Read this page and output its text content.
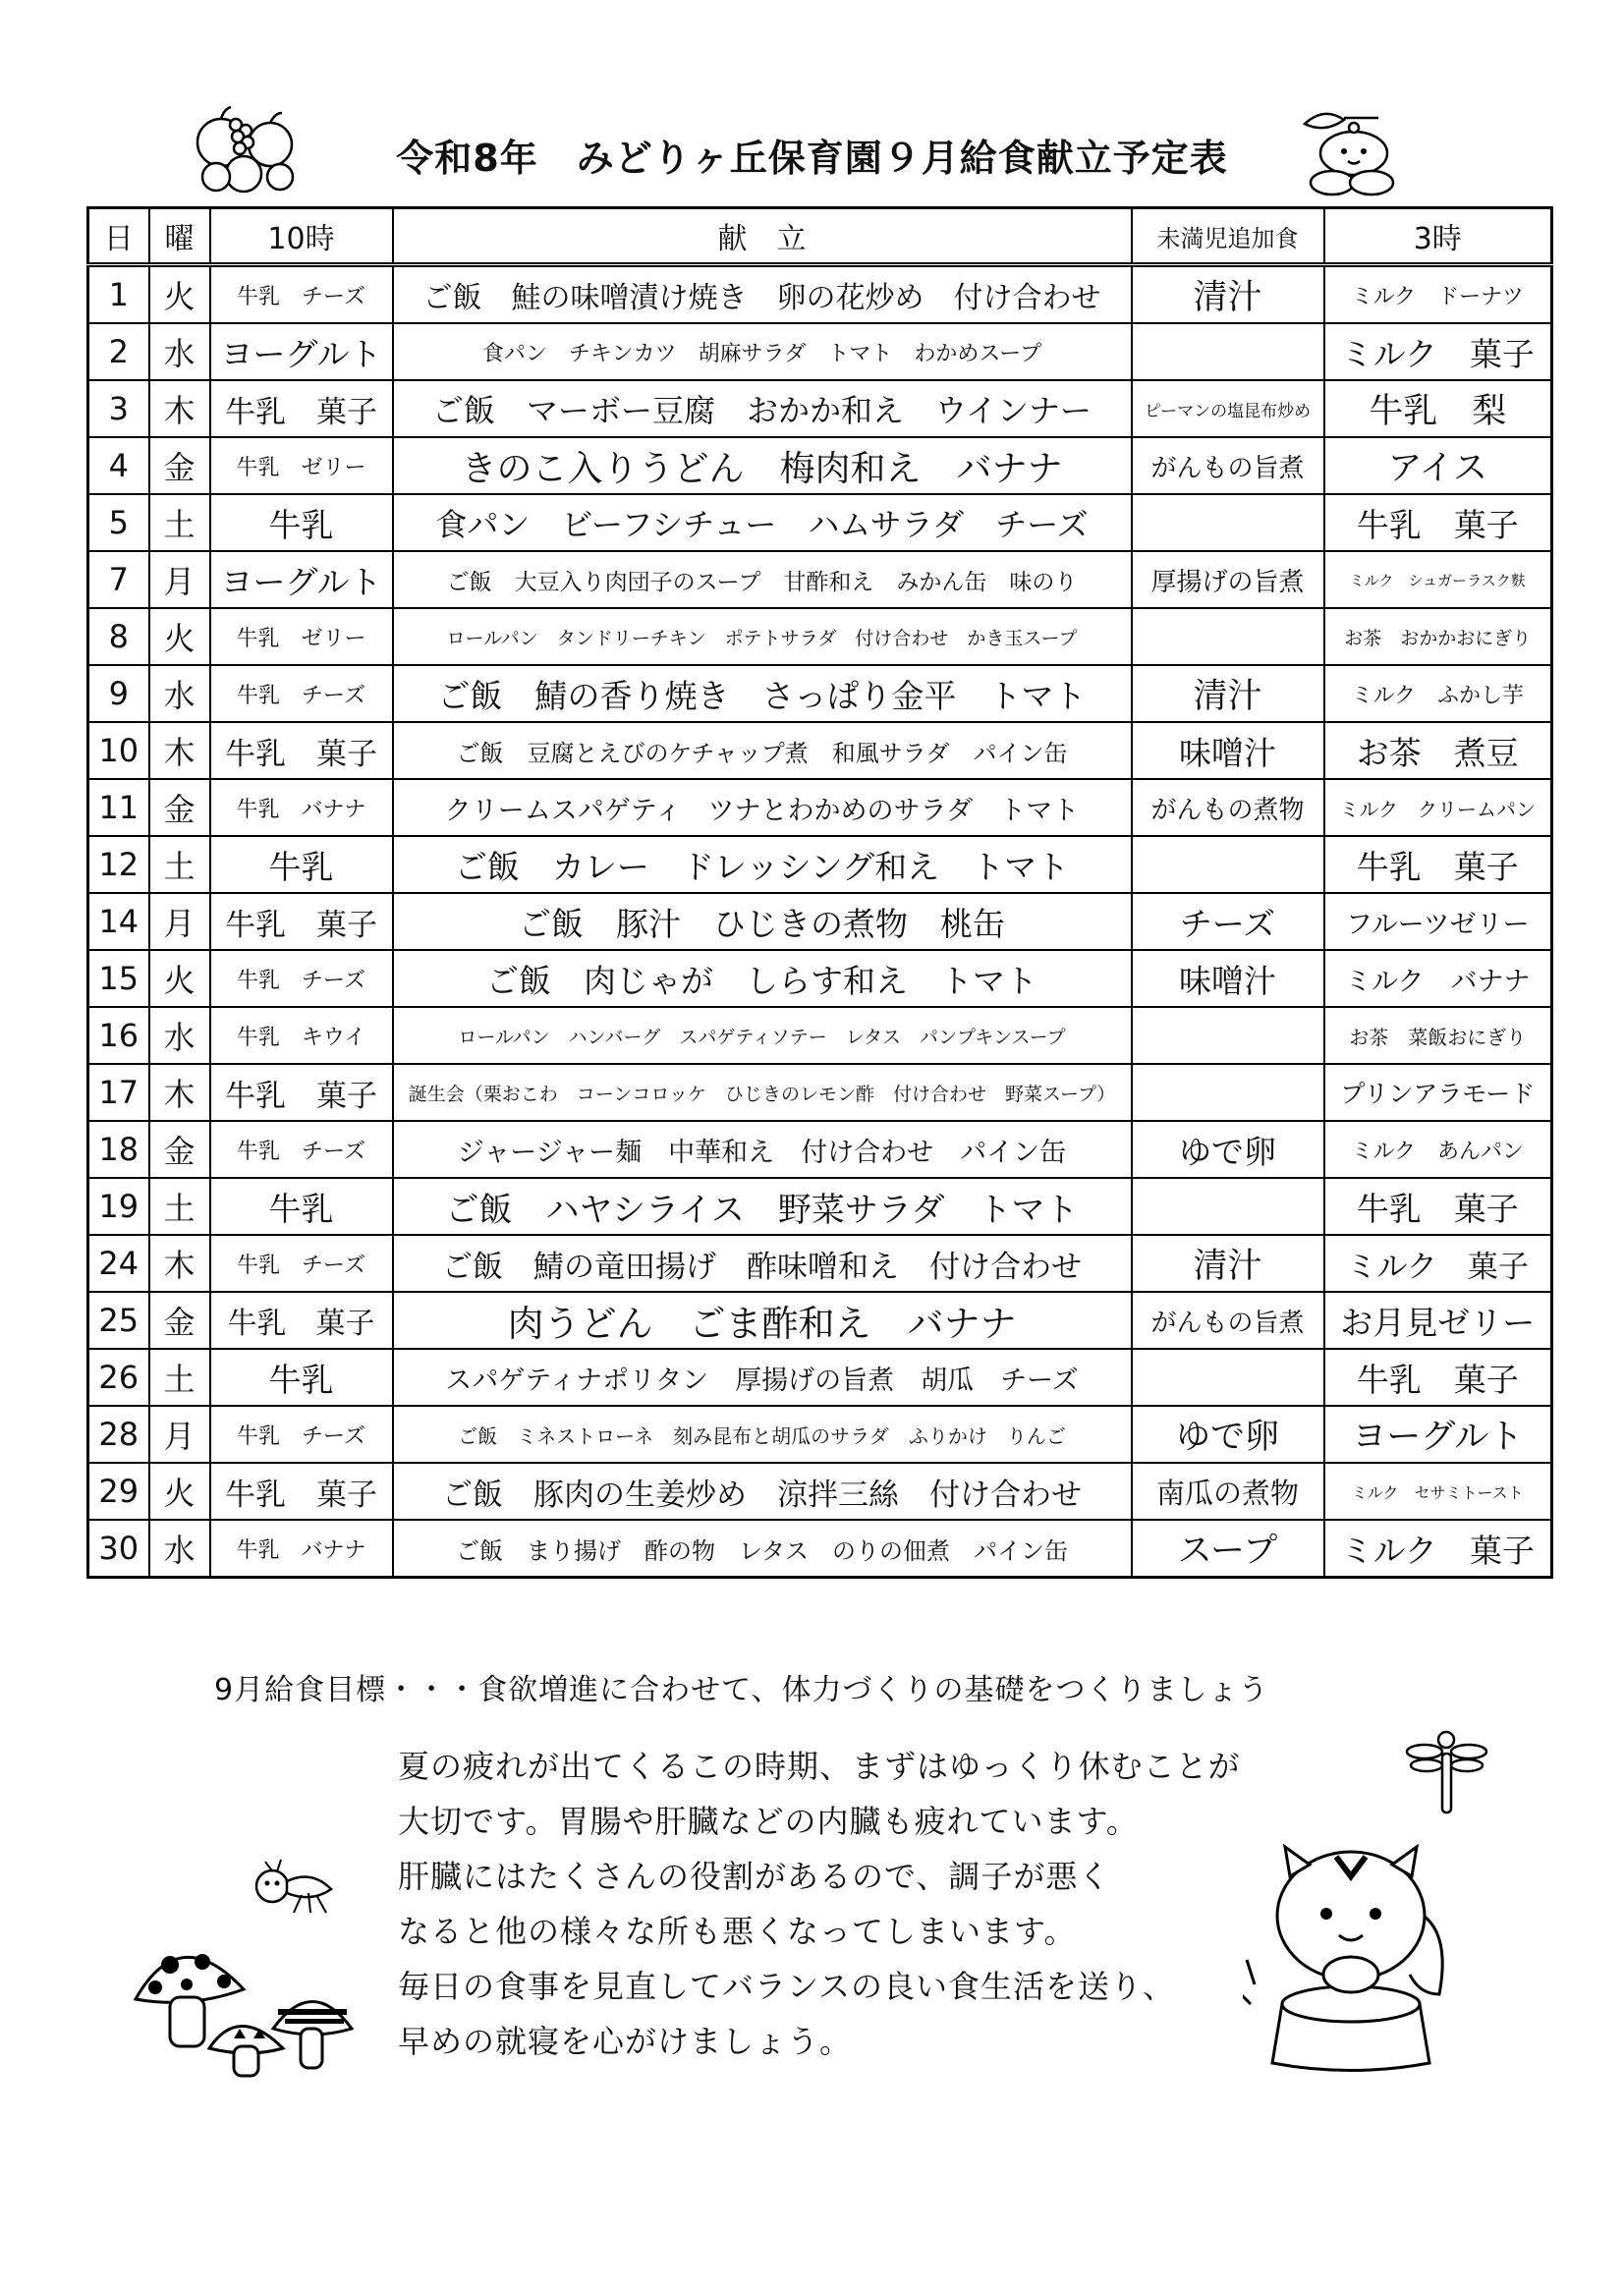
令和8年　みどりヶ丘保育園９月給食献立予定表
日	曜	10時	献　立	未満児追加食	3時
1	火	牛乳　チーズ	ご飯　鮭の味噌漬け焼き　卵の花炒め　付け合わせ	清汁	ミルク　ドーナツ
2	水	ヨーグルト	食パン　チキンカツ　胡麻サラダ　トマト　わかめスープ		ミルク　菓子
3	木	牛乳　菓子	ご飯　マーボー豆腐　おかか和え　ウインナー	ピーマンの塩昆布炒め	牛乳　梨
4	金	牛乳　ゼリー	きのこ入りうどん　梅肉和え　バナナ	がんもの旨煮	アイス
5	土	牛乳	食パン　ビーフシチュー　ハムサラダ　チーズ		牛乳　菓子
7	月	ヨーグルト	ご飯　大豆入り肉団子のスープ　甘酢和え　みかん缶　味のり	厚揚げの旨煮	ミルク　シュガーラスク麩
8	火	牛乳　ゼリー	ロールパン　タンドリーチキン　ポテトサラダ　付け合わせ　かき玉スープ		お茶　おかかおにぎり
9	水	牛乳　チーズ	ご飯　鯖の香り焼き　さっぱり金平　トマト	清汁	ミルク　ふかし芋
10	木	牛乳　菓子	ご飯　豆腐とえびのケチャップ煮　和風サラダ　パイン缶	味噌汁	お茶　煮豆
11	金	牛乳　バナナ	クリームスパゲティ　ツナとわかめのサラダ　トマト	がんもの煮物	ミルク　クリームパン
12	土	牛乳	ご飯　カレー　ドレッシング和え　トマト		牛乳　菓子
14	月	牛乳　菓子	ご飯　豚汁　ひじきの煮物　桃缶	チーズ	フルーツゼリー
15	火	牛乳　チーズ	ご飯　肉じゃが　しらす和え　トマト	味噌汁	ミルク　バナナ
16	水	牛乳　キウイ	ロールパン　ハンバーグ　スパゲティソテー　レタス　パンプキンスープ		お茶　菜飯おにぎり
17	木	牛乳　菓子	誕生会（栗おこわ　コーンコロッケ　ひじきのレモン酢　付け合わせ　野菜スープ）		プリンアラモード
18	金	牛乳　チーズ	ジャージャー麺　中華和え　付け合わせ　パイン缶	ゆで卵	ミルク　あんパン
19	土	牛乳	ご飯　ハヤシライス　野菜サラダ　トマト		牛乳　菓子
24	木	牛乳　チーズ	ご飯　鯖の竜田揚げ　酢味噌和え　付け合わせ	清汁	ミルク　菓子
25	金	牛乳　菓子	肉うどん　ごま酢和え　バナナ	がんもの旨煮	お月見ゼリー
26	土	牛乳	スパゲティナポリタン　厚揚げの旨煮　胡瓜　チーズ		牛乳　菓子
28	月	牛乳　チーズ	ご飯　ミネストローネ　刻み昆布と胡瓜のサラダ　ふりかけ　りんご	ゆで卵	ヨーグルト
29	火	牛乳　菓子	ご飯　豚肉の生姜炒め　涼拌三絲　付け合わせ	南瓜の煮物	ミルク　セサミトースト
30	水	牛乳　バナナ	ご飯　まり揚げ　酢の物　レタス　のりの佃煮　パイン缶	スープ	ミルク　菓子
9月給食目標・・・食欲増進に合わせて、体力づくりの基礎をつくりましょう
夏の疲れが出てくるこの時期、まずはゆっくり休むことが
大切です。胃腸や肝臓などの内臓も疲れています。
肝臓にはたくさんの役割があるので、調子が悪く
なると他の様々な所も悪くなってしまいます。
毎日の食事を見直してバランスの良い食生活を送り、
早めの就寝を心がけましょう。
